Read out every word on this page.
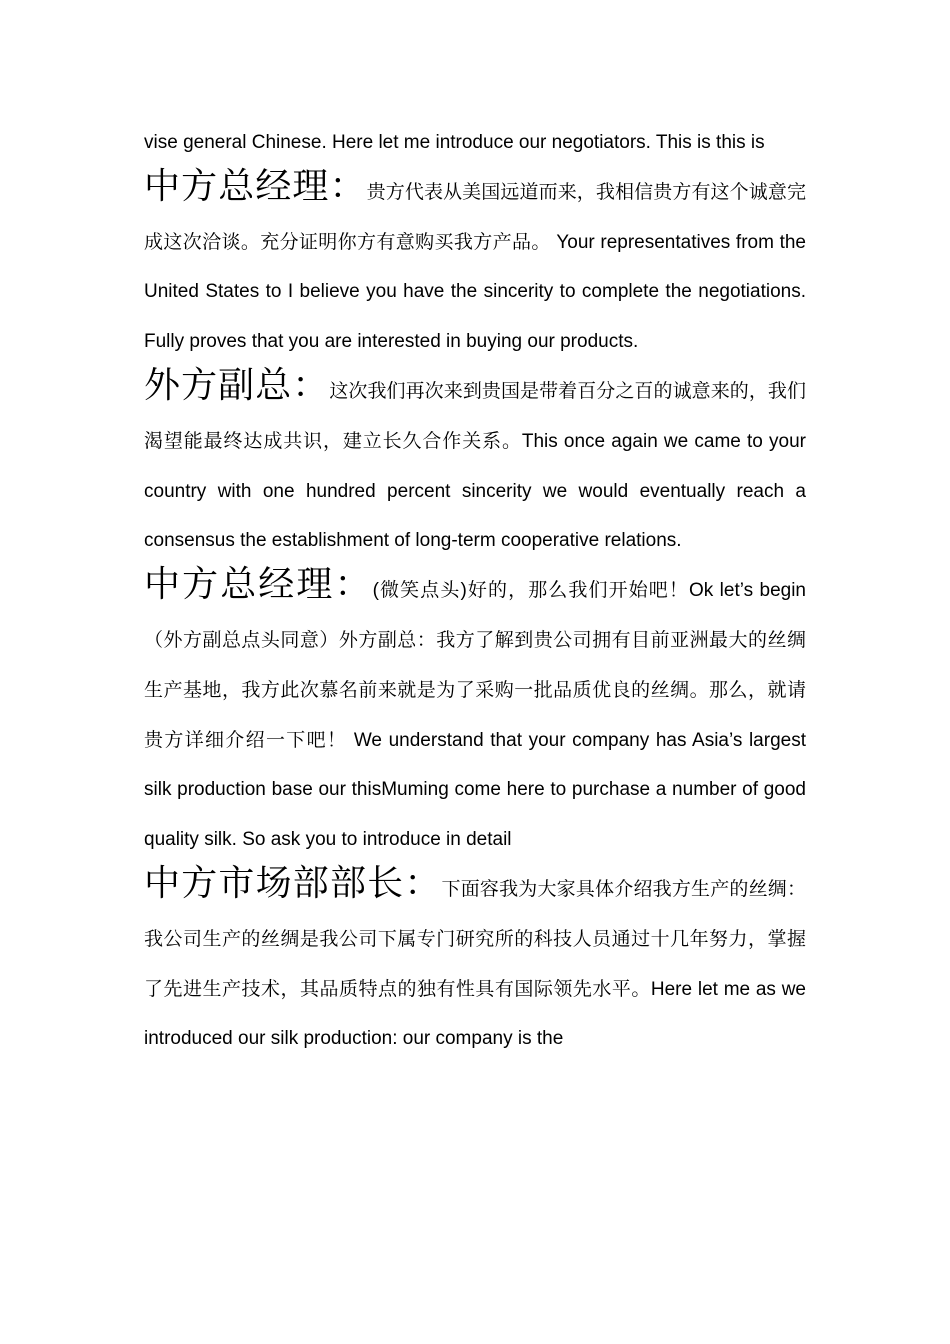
vise general Chinese. Here let me introduce our negotiators. This is this is

中方总经理：贵方代表从美国远道而来，我相信贵方有这个诚意完成这次洽谈。充分证明你方有意购买我方产品。 Your representatives from the United States to I believe you have the sincerity to complete the negotiations. Fully proves that you are interested in buying our products.

外方副总：这次我们再次来到贵国是带着百分之百的诚意来的，我们渴望能最终达成共识，建立长久合作关系。This once again we came to your country with one hundred percent sincerity we would eventually reach a consensus the establishment of long-term cooperative relations.

中方总经理：(微笑点头)好的，那么我们开始吧！Ok let’s begin（外方副总点头同意）外方副总：我方了解到贵公司拥有目前亚洲最大的丝绸生产基地，我方此次慕名前来就是为了采购一批品质优良的丝绸。那么，就请贵方详细介绍一下吧！ We understand that your company has Asia’s largest silk production base our thisMuming come here to purchase a number of good quality silk. So ask you to introduce in detail

中方市场部部长：下面容我为大家具体介绍我方生产的丝绸：我公司生产的丝绸是我公司下属专门研究所的科技人员通过十几年努力，掌握了先进生产技术，其品质特点的独有性具有国际领先水平。Here let me as we introduced our silk production: our company is the
